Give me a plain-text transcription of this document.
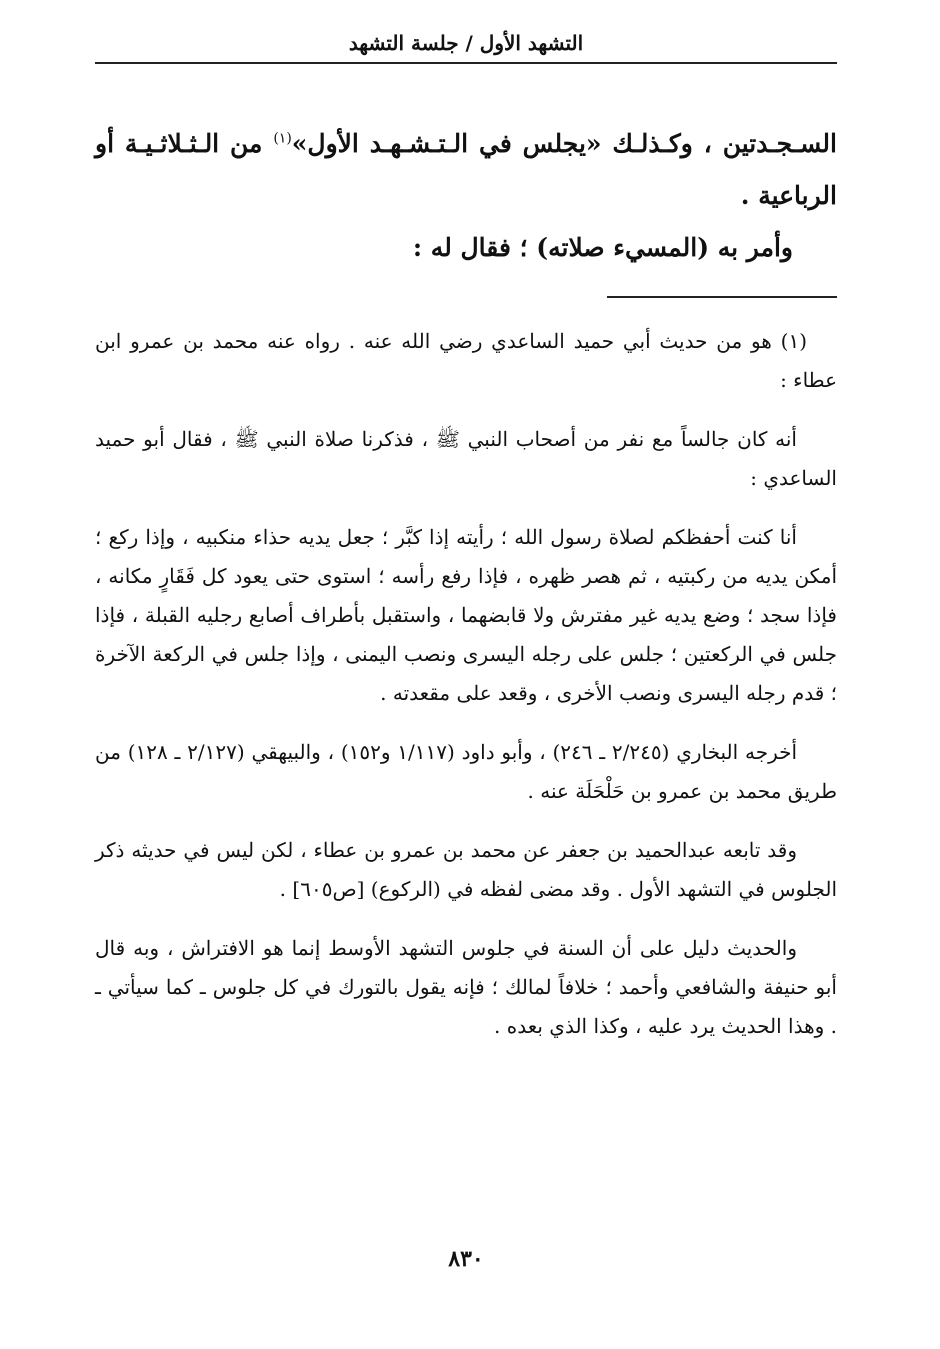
التشهد الأول / جلسة التشهد

السـجـدتين ، وكـذلـك «يجلس في الـتـشـهـد الأول»$^{(١)}$ من الـثـلاثـيـة أو الرباعية .

وأمر به (المسيء صلاته) ؛ فقال له :

(١) هو من حديث أبي حميد الساعدي رضي الله عنه . رواه عنه محمد بن عمرو ابن عطاء :

أنه كان جالساً مع نفر من أصحاب النبي ﷺ ، فذكرنا صلاة النبي ﷺ ، فقال أبو حميد الساعدي :

أنا كنت أحفظكم لصلاة رسول الله ؛ رأيته إذا كبَّر ؛ جعل يديه حذاء منكبيه ، وإذا ركع ؛ أمكن يديه من ركبتيه ، ثم هصر ظهره ، فإذا رفع رأسه ؛ استوى حتى يعود كل فَقَارٍ مكانه ، فإذا سجد ؛ وضع يديه غير مفترش ولا قابضهما ، واستقبل بأطراف أصابع رجليه القبلة ، فإذا جلس في الركعتين ؛ جلس على رجله اليسرى ونصب اليمنى ، وإذا جلس في الركعة الآخرة ؛ قدم رجله اليسرى ونصب الأخرى ، وقعد على مقعدته .

أخرجه البخاري (٢/٢٤٥ ـ ٢٤٦) ، وأبو داود (١/١١٧ و١٥٢) ، والبيهقي (٢/١٢٧ ـ ١٢٨) من طريق محمد بن عمرو بن حَلْحَلَة عنه .

وقد تابعه عبدالحميد بن جعفر عن محمد بن عمرو بن عطاء ، لكن ليس في حديثه ذكر الجلوس في التشهد الأول . وقد مضى لفظه في (الركوع) [ص٦٠٥] .

والحديث دليل على أن السنة في جلوس التشهد الأوسط إنما هو الافتراش ، وبه قال أبو حنيفة والشافعي وأحمد ؛ خلافاً لمالك ؛ فإنه يقول بالتورك في كل جلوس ـ كما سيأتي ـ . وهذا الحديث يرد عليه ، وكذا الذي بعده .

٨٣٠
